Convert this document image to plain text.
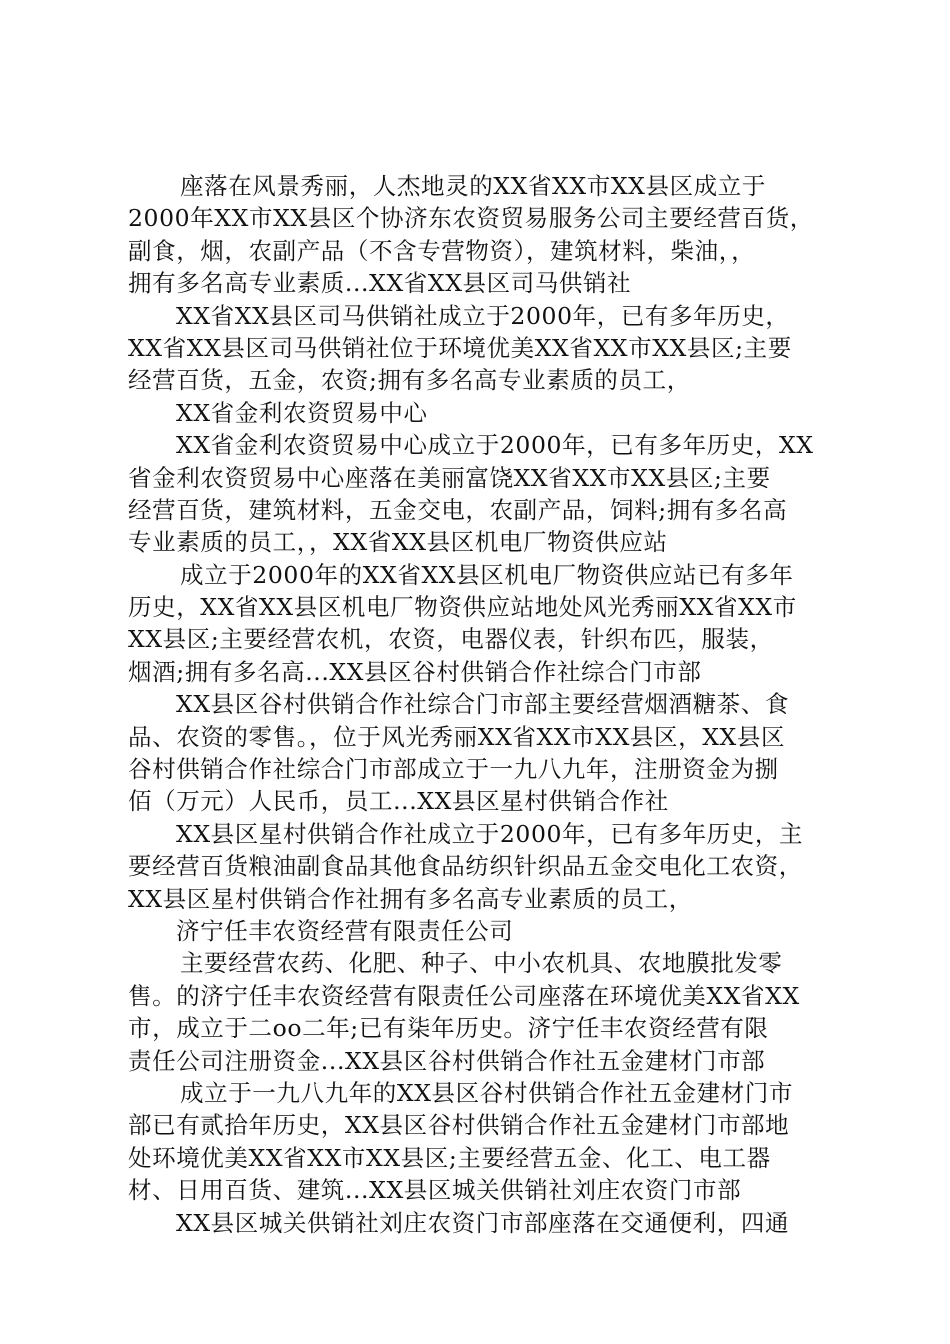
座落在风景秀丽，人杰地灵的XX省XX市XX县区成立于
2000年XX市XX县区个协济东农资贸易服务公司主要经营百货，
副食，烟，农副产品（不含专营物资），建筑材料，柴油，，
拥有多名高专业素质...XX省XX县区司马供销社
XX省XX县区司马供销社成立于2000年，已有多年历史，
XX省XX县区司马供销社位于环境优美XX省XX市XX县区;主要
经营百货，五金，农资;拥有多名高专业素质的员工，
XX省金利农资贸易中心
XX省金利农资贸易中心成立于2000年，已有多年历史，XX
省金利农资贸易中心座落在美丽富饶XX省XX市XX县区;主要
经营百货，建筑材料，五金交电，农副产品，饲料;拥有多名高
专业素质的员工，，XX省XX县区机电厂物资供应站
成立于2000年的XX省XX县区机电厂物资供应站已有多年
历史，XX省XX县区机电厂物资供应站地处风光秀丽XX省XX市
XX县区;主要经营农机，农资，电器仪表，针织布匹，服装，
烟酒;拥有多名高...XX县区谷村供销合作社综合门市部
XX县区谷村供销合作社综合门市部主要经营烟酒糖茶、食
品、农资的零售。，位于风光秀丽XX省XX市XX县区，XX县区
谷村供销合作社综合门市部成立于一九八九年，注册资金为捌
佰（万元）人民币，员工...XX县区星村供销合作社
XX县区星村供销合作社成立于2000年，已有多年历史，主
要经营百货粮油副食品其他食品纺织针织品五金交电化工农资，
XX县区星村供销合作社拥有多名高专业素质的员工，
济宁任丰农资经营有限责任公司
主要经营农药、化肥、种子、中小农机具、农地膜批发零
售。的济宁任丰农资经营有限责任公司座落在环境优美XX省XX
市，成立于二oo二年;已有柒年历史。济宁任丰农资经营有限
责任公司注册资金...XX县区谷村供销合作社五金建材门市部
成立于一九八九年的XX县区谷村供销合作社五金建材门市
部已有贰拾年历史，XX县区谷村供销合作社五金建材门市部地
处环境优美XX省XX市XX县区;主要经营五金、化工、电工器
材、日用百货、建筑...XX县区城关供销社刘庄农资门市部
XX县区城关供销社刘庄农资门市部座落在交通便利，四通
